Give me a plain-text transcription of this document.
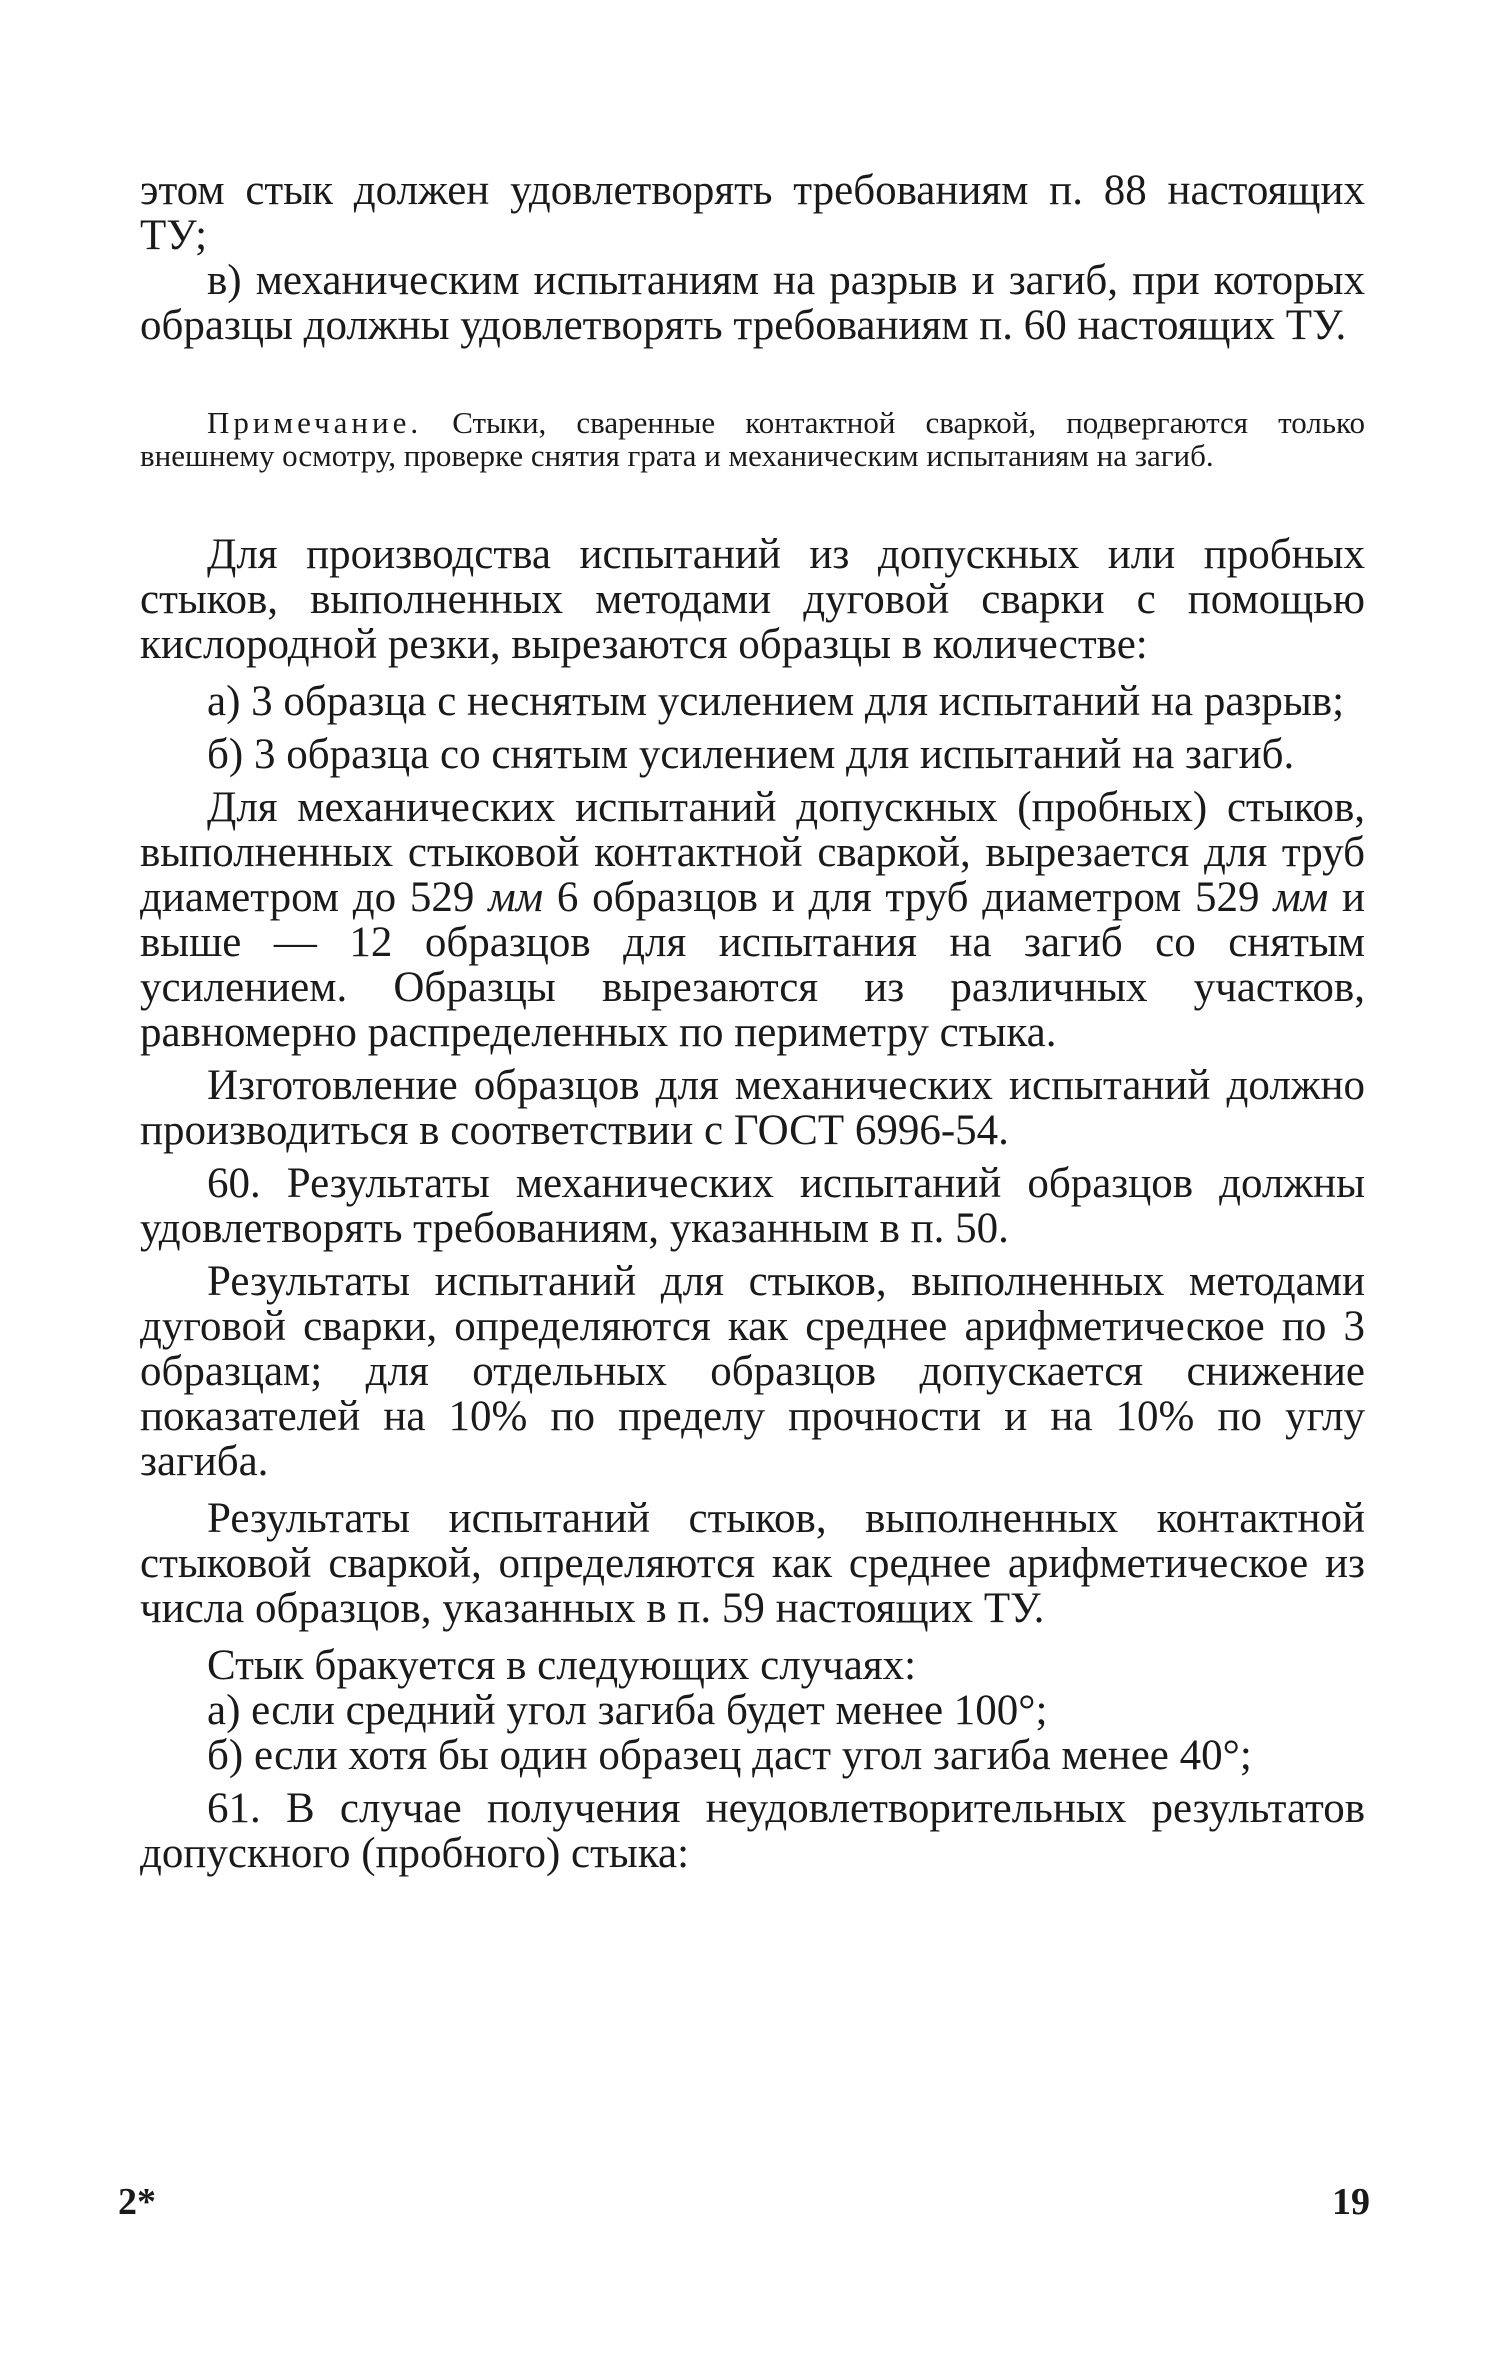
этом стык должен удовлетворять требованиям п. 88 настоящих ТУ;

в) механическим испытаниям на разрыв и загиб, при которых образцы должны удовлетворять требованиям п. 60 настоящих ТУ.

Примечание. Стыки, сваренные контактной сваркой, подвергаются только внешнему осмотру, проверке снятия грата и механическим испытаниям на загиб.

Для производства испытаний из допускных или пробных стыков, выполненных методами дуговой сварки с помощью кислородной резки, вырезаются образцы в количестве:

а) 3 образца с неснятым усилением для испытаний на разрыв;

б) 3 образца со снятым усилением для испытаний на загиб.

Для механических испытаний допускных (пробных) стыков, выполненных стыковой контактной сваркой, вырезается для труб диаметром до 529 мм 6 образцов и для труб диаметром 529 мм и выше — 12 образцов для испытания на загиб со снятым усилением. Образцы вырезаются из различных участков, равномерно распределенных по периметру стыка.

Изготовление образцов для механических испытаний должно производиться в соответствии с ГОСТ 6996-54.

60. Результаты механических испытаний образцов должны удовлетворять требованиям, указанным в п. 50.

Результаты испытаний для стыков, выполненных методами дуговой сварки, определяются как среднее арифметическое по 3 образцам; для отдельных образцов допускается снижение показателей на 10% по пределу прочности и на 10% по углу загиба.

Результаты испытаний стыков, выполненных контактной стыковой сваркой, определяются как среднее арифметическое из числа образцов, указанных в п. 59 настоящих ТУ.

Стык бракуется в следующих случаях:

а) если средний угол загиба будет менее 100°;

б) если хотя бы один образец даст угол загиба менее 40°;

61. В случае получения неудовлетворительных результатов допускного (пробного) стыка:

2*	19
